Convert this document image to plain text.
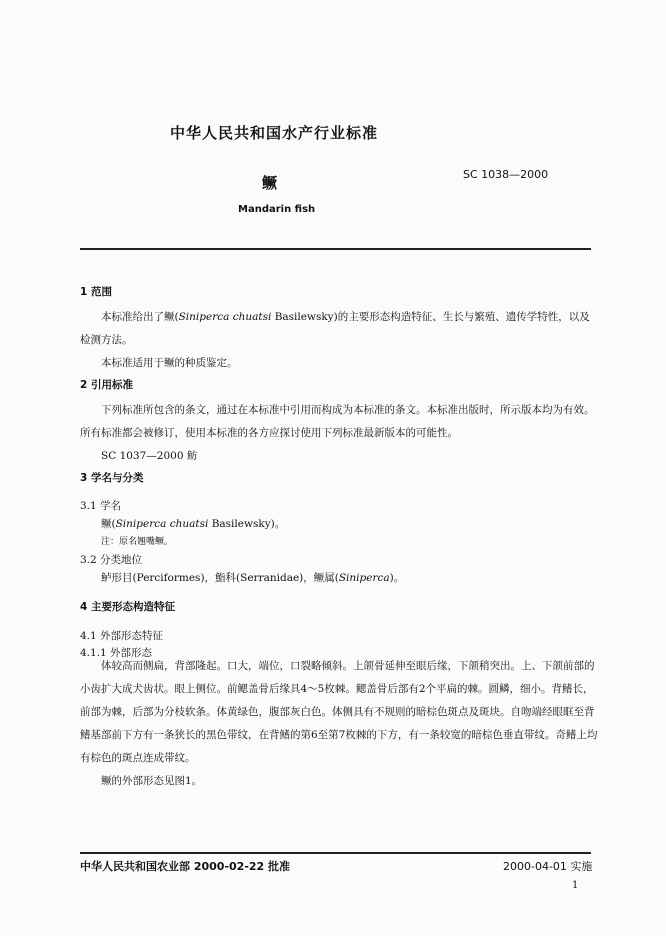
中华人民共和国水产行业标准
鳜	SC 1038—2000
Mandarin fish
1 范围

本标准给出了鳜(Siniperca chuatsi Basilewsky)的主要形态构造特征、生长与繁殖、遗传学特性，以及检测方法。

本标准适用于鳜的种质鉴定。

2 引用标准

下列标准所包含的条文，通过在本标准中引用而构成为本标准的条文。本标准出版时，所示版本均为有效。所有标准都会被修订，使用本标准的各方应探讨使用下列标准最新版本的可能性。

SC 1037—2000 鲂

3 学名与分类
3.1 学名
鳜(Siniperca chuatsi Basilewsky)。
注：原名翘嘴鳜。
3.2 分类地位
鲈形目(Perciformes)，鮨科(Serranidae)，鳜属(Siniperca)。
4 主要形态构造特征
4.1 外部形态特征
4.1.1 外部形态

体较高而侧扁，背部隆起。口大，端位，口裂略倾斜。上颌骨延伸至眼后缘，下颌稍突出。上、下颌前部的小齿扩大成犬齿状。眼上侧位。前鳃盖骨后缘具4～5枚棘。鳃盖骨后部有2个平扁的棘。圆鳞，细小。背鳍长，前部为棘，后部为分枝软条。体黄绿色，腹部灰白色。体侧具有不规则的暗棕色斑点及斑块。自吻端经眼眶至背鳍基部前下方有一条狭长的黑色带纹，在背鳍的第6至第7枚棘的下方，有一条较宽的暗棕色垂直带纹。奇鳍上均有棕色的斑点连成带纹。

鳜的外部形态见图1。

中华人民共和国农业部 2000-02-22 批准	2000-04-01 实施
1
